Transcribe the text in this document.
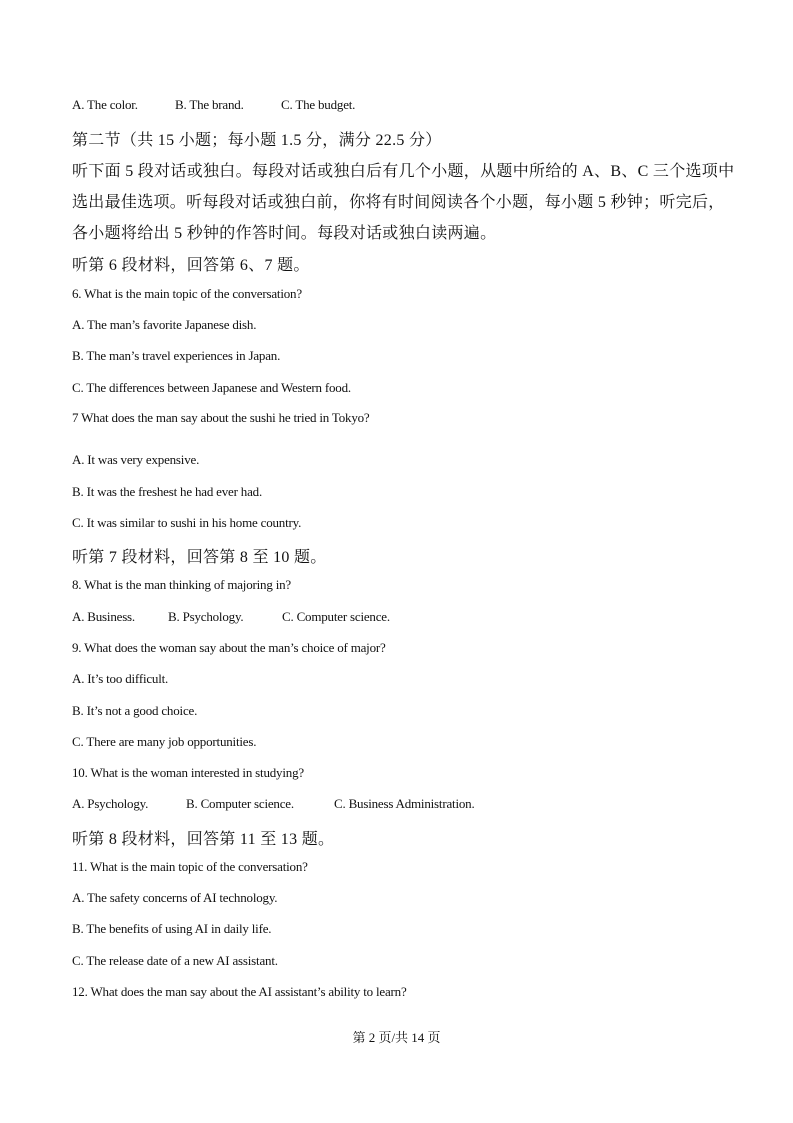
A. The color.	B. The brand.	C. The budget.
第二节（共 15 小题；每小题 1.5 分，满分 22.5 分）
听下面 5 段对话或独白。每段对话或独白后有几个小题，从题中所给的 A、B、C 三个选项中
选出最佳选项。听每段对话或独白前，你将有时间阅读各个小题，每小题 5 秒钟；听完后，
各小题将给出 5 秒钟的作答时间。每段对话或独白读两遍。
听第 6 段材料，回答第 6、7 题。
6. What is the main topic of the conversation?
A. The man’s favorite Japanese dish.
B. The man’s travel experiences in Japan.
C. The differences between Japanese and Western food.
7 What does the man say about the sushi he tried in Tokyo?
A. It was very expensive.
B. It was the freshest he had ever had.
C. It was similar to sushi in his home country.
听第 7 段材料，回答第 8 至 10 题。
8. What is the man thinking of majoring in?
A. Business.	B. Psychology.	C. Computer science.
9. What does the woman say about the man’s choice of major?
A. It’s too difficult.
B. It’s not a good choice.
C. There are many job opportunities.
10. What is the woman interested in studying?
A. Psychology.	B. Computer science.	C. Business Administration.
听第 8 段材料，回答第 11 至 13 题。
11. What is the main topic of the conversation?
A. The safety concerns of AI technology.
B. The benefits of using AI in daily life.
C. The release date of a new AI assistant.
12. What does the man say about the AI assistant’s ability to learn?
第 2 页/共 14 页
